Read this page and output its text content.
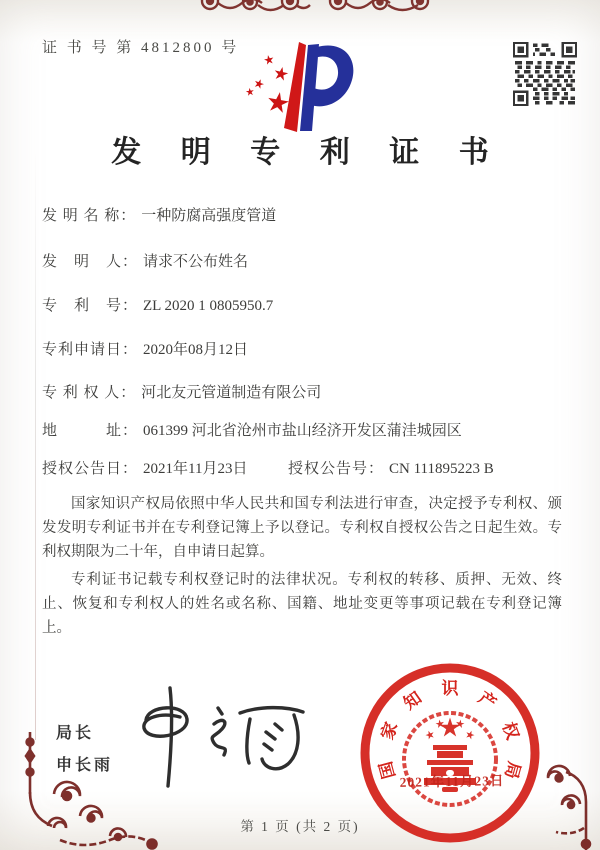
证 书 号 第 4812800 号
发 明 专 利 证 书
发 明 名 称： 一种防腐高强度管道
发　明　人： 请求不公布姓名
专　利　号： ZL 2020 1 0805950.7
专利申请日： 2020年08月12日
专 利 权 人： 河北友元管道制造有限公司
地　　　址： 061399 河北省沧州市盐山经济开发区蒲洼城园区
授权公告日： 2021年11月23日	授权公告号： CN 111895223 B

国家知识产权局依照中华人民共和国专利法进行审查，决定授予专利权、颁发发明专利证书并在专利登记簿上予以登记。专利权自授权公告之日起生效。专利权期限为二十年，自申请日起算。

专利证书记载专利权登记时的法律状况。专利权的转移、质押、无效、终止、恢复和专利权人的姓名或名称、国籍、地址变更等事项记载在专利登记簿上。

局长
申长雨	国
家
知 识 产
权
局
2021年11月23日
第 1 页 (共 2 页)
